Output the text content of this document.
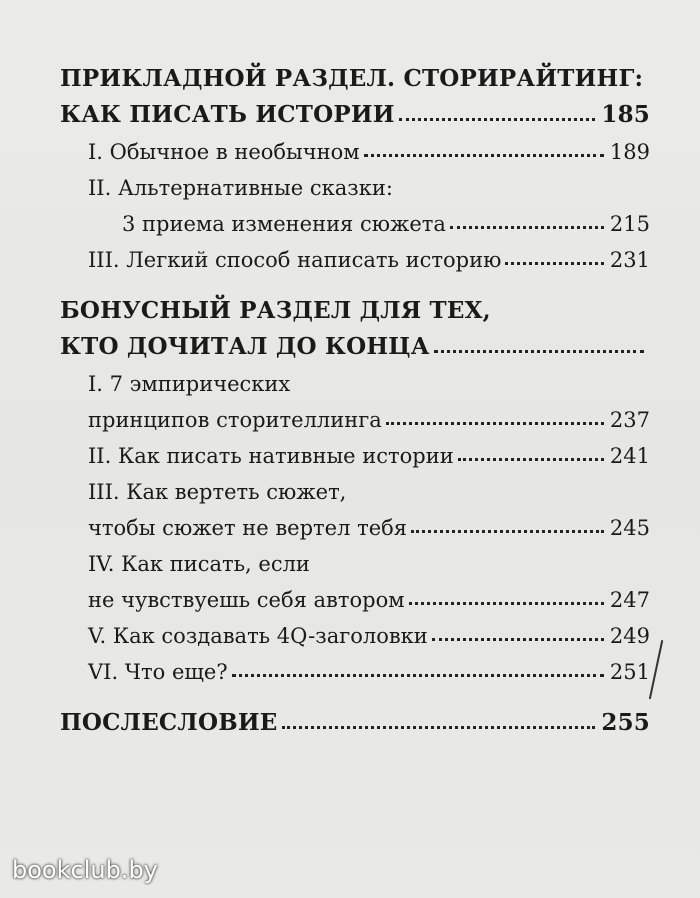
ПРИКЛАДНОЙ РАЗДЕЛ. СТОРИРАЙТИНГ:
КАК ПИСАТЬ ИСТОРИИ	185
I. Обычное в необычном	189
II. Альтернативные сказки:
3 приема изменения сюжета	215
III. Легкий способ написать историю	231
БОНУСНЫЙ РАЗДЕЛ ДЛЯ ТЕХ,
КТО ДОЧИТАЛ ДО КОНЦА
I. 7 эмпирических
принципов сторителлинга	237
II. Как писать нативные истории	241
III. Как вертеть сюжет,
чтобы сюжет не вертел тебя	245
IV. Как писать, если
не чувствуешь себя автором	247
V. Как создавать 4Q-заголовки	249
VI. Что еще?	251
ПОСЛЕСЛОВИЕ	255
bookclub.by
